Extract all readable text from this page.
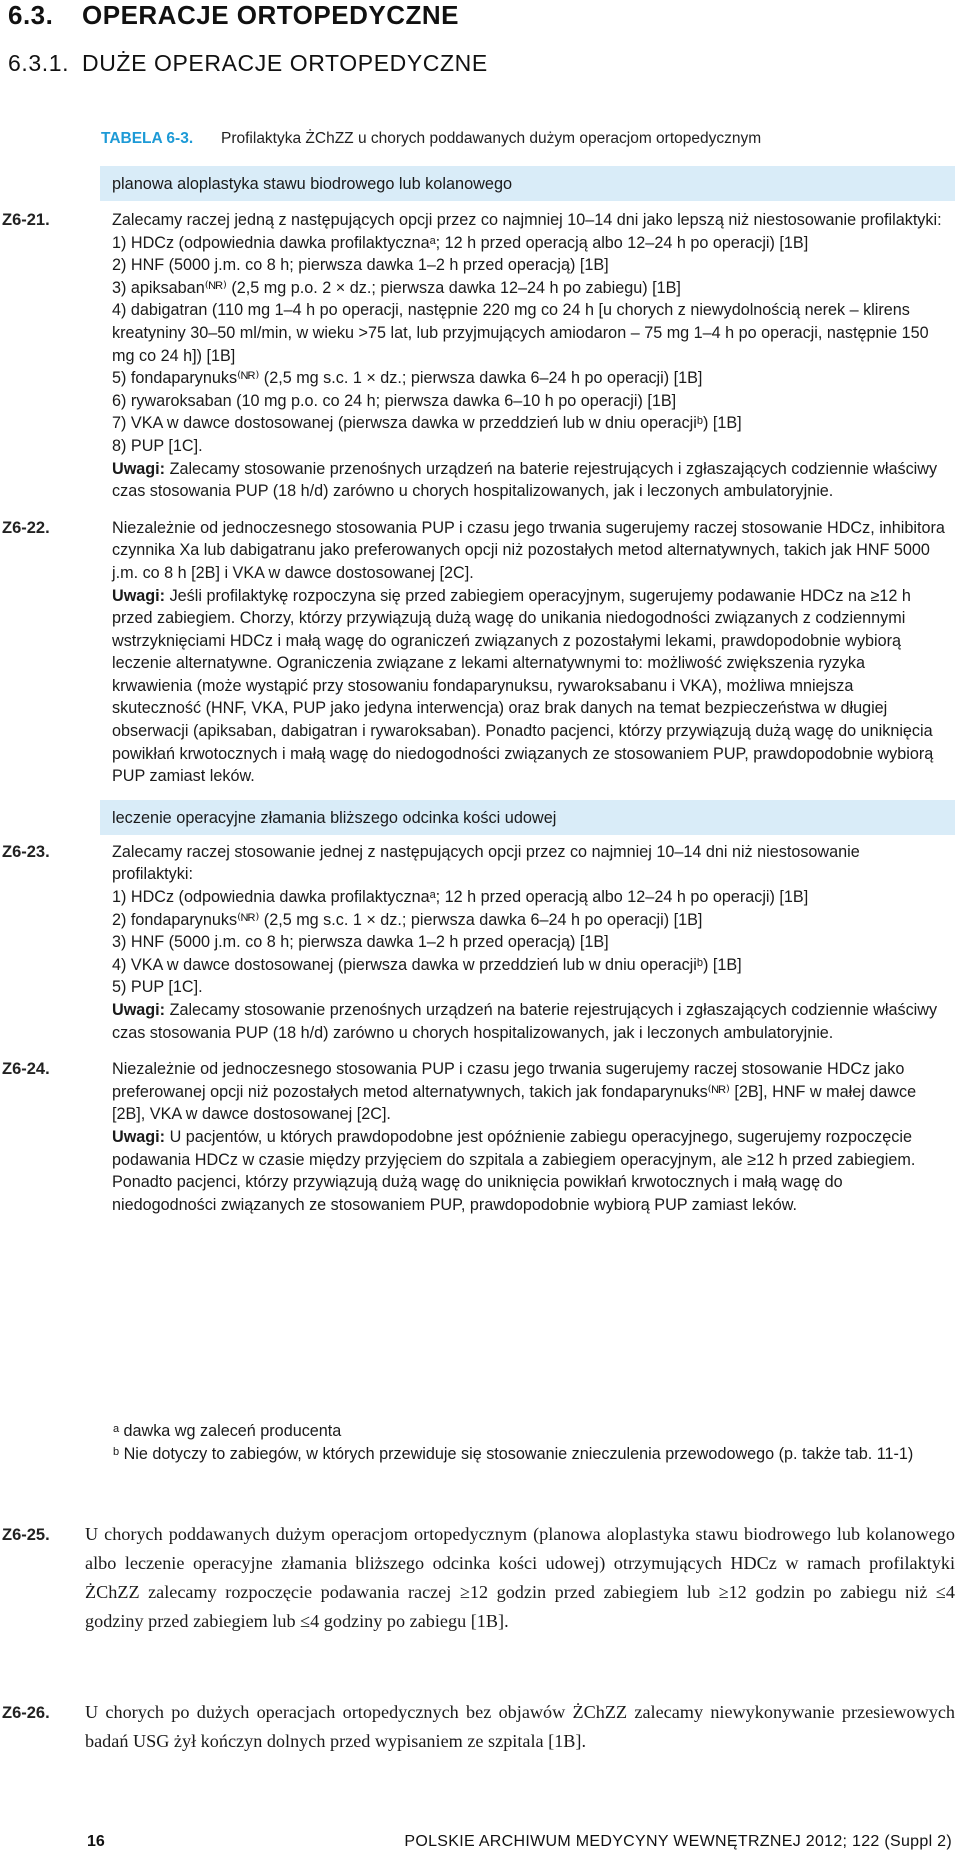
6.3. OPERACJE ORTOPEDYCZNE
6.3.1. DUŻE OPERACJE ORTOPEDYCZNE
TABELA 6-3. Profilaktyka ŻChZZ u chorych poddawanych dużym operacjom ortopedycznym
planowa aloplastyka stawu biodrowego lub kolanowego
Z6-21.	Zalecamy raczej jedną z następujących opcji przez co najmniej 10–14 dni jako lepszą niż niestosowanie profilaktyki:

1) HDCz (odpowiednia dawka profilaktycznaᵃ; 12 h przed operacją albo 12–24 h po operacji) [1B]

2) HNF (5000 j.m. co 8 h; pierwsza dawka 1–2 h przed operacją) [1B]

3) apiksaban⁽ᴺᴿ⁾ (2,5 mg p.o. 2 × dz.; pierwsza dawka 12–24 h po zabiegu) [1B]

4) dabigatran (110 mg 1–4 h po operacji, następnie 220 mg co 24 h [u chorych z niewydolnością nerek – klirens kreatyniny 30–50 ml/min, w wieku >75 lat, lub przyjmujących amiodaron – 75 mg 1–4 h po operacji, następnie 150 mg co 24 h]) [1B]

5) fondaparynuks⁽ᴺᴿ⁾ (2,5 mg s.c. 1 × dz.; pierwsza dawka 6–24 h po operacji) [1B]

6) rywaroksaban (10 mg p.o. co 24 h; pierwsza dawka 6–10 h po operacji) [1B]

7) VKA w dawce dostosowanej (pierwsza dawka w przeddzień lub w dniu operacjiᵇ) [1B]

8) PUP [1C].

Uwagi: Zalecamy stosowanie przenośnych urządzeń na baterie rejestrujących i zgłaszających codziennie właściwy czas stosowania PUP (18 h/d) zarówno u chorych hospitalizowanych, jak i leczonych ambulatoryjnie.

Z6-22.	Niezależnie od jednoczesnego stosowania PUP i czasu jego trwania sugerujemy raczej stosowanie HDCz, inhibitora czynnika Xa lub dabigatranu jako preferowanych opcji niż pozostałych metod alternatywnych, takich jak HNF 5000 j.m. co 8 h [2B] i VKA w dawce dostosowanej [2C].

Uwagi: Jeśli profilaktykę rozpoczyna się przed zabiegiem operacyjnym, sugerujemy podawanie HDCz na ≥12 h przed zabiegiem. Chorzy, którzy przywiązują dużą wagę do unikania niedogodności związanych z codziennymi wstrzyknięciami HDCz i małą wagę do ograniczeń związanych z pozostałymi lekami, prawdopodobnie wybiorą leczenie alternatywne. Ograniczenia związane z lekami alternatywnymi to: możliwość zwiększenia ryzyka krwawienia (może wystąpić przy stosowaniu fondaparynuksu, rywaroksabanu i VKA), możliwa mniejsza skuteczność (HNF, VKA, PUP jako jedyna interwencja) oraz brak danych na temat bezpieczeństwa w długiej obserwacji (apiksaban, dabigatran i rywaroksaban). Ponadto pacjenci, którzy przywiązują dużą wagę do uniknięcia powikłań krwotocznych i małą wagę do niedogodności związanych ze stosowaniem PUP, prawdopodobnie wybiorą PUP zamiast leków.

leczenie operacyjne złamania bliższego odcinka kości udowej
Z6-23.	Zalecamy raczej stosowanie jednej z następujących opcji przez co najmniej 10–14 dni niż niestosowanie profilaktyki:

1) HDCz (odpowiednia dawka profilaktycznaᵃ; 12 h przed operacją albo 12–24 h po operacji) [1B]

2) fondaparynuks⁽ᴺᴿ⁾ (2,5 mg s.c. 1 × dz.; pierwsza dawka 6–24 h po operacji) [1B]

3) HNF (5000 j.m. co 8 h; pierwsza dawka 1–2 h przed operacją) [1B]

4) VKA w dawce dostosowanej (pierwsza dawka w przeddzień lub w dniu operacjiᵇ) [1B]

5) PUP [1C].

Uwagi: Zalecamy stosowanie przenośnych urządzeń na baterie rejestrujących i zgłaszających codziennie właściwy czas stosowania PUP (18 h/d) zarówno u chorych hospitalizowanych, jak i leczonych ambulatoryjnie.

Z6-24.	Niezależnie od jednoczesnego stosowania PUP i czasu jego trwania sugerujemy raczej stosowanie HDCz jako preferowanej opcji niż pozostałych metod alternatywnych, takich jak fondaparynuks⁽ᴺᴿ⁾ [2B], HNF w małej dawce [2B], VKA w dawce dostosowanej [2C].

Uwagi: U pacjentów, u których prawdopodobne jest opóźnienie zabiegu operacyjnego, sugerujemy rozpoczęcie podawania HDCz w czasie między przyjęciem do szpitala a zabiegiem operacyjnym, ale ≥12 h przed zabiegiem.

Ponadto pacjenci, którzy przywiązują dużą wagę do uniknięcia powikłań krwotocznych i małą wagę do niedogodności związanych ze stosowaniem PUP, prawdopodobnie wybiorą PUP zamiast leków.

ᵃ dawka wg zaleceń producenta

ᵇ Nie dotyczy to zabiegów, w których przewiduje się stosowanie znieczulenia przewodowego (p. także tab. 11-1)

Z6-25.	U chorych poddawanych dużym operacjom ortopedycznym (planowa aloplastyka stawu biodrowego lub kolanowego albo leczenie operacyjne złamania bliższego odcinka kości udowej) otrzymujących HDCz w ramach profilaktyki ŻChZZ zalecamy rozpoczęcie podawania raczej ≥12 godzin przed zabiegiem lub ≥12 godzin po zabiegu niż ≤4 godziny przed zabiegiem lub ≤4 godziny po zabiegu [1B].

Z6-26.	U chorych po dużych operacjach ortopedycznych bez objawów ŻChZZ zalecamy niewykonywanie przesiewowych badań USG żył kończyn dolnych przed wypisaniem ze szpitala [1B].

16	POLSKIE ARCHIWUM MEDYCYNY WEWNĘTRZNEJ 2012; 122 (Suppl 2)
